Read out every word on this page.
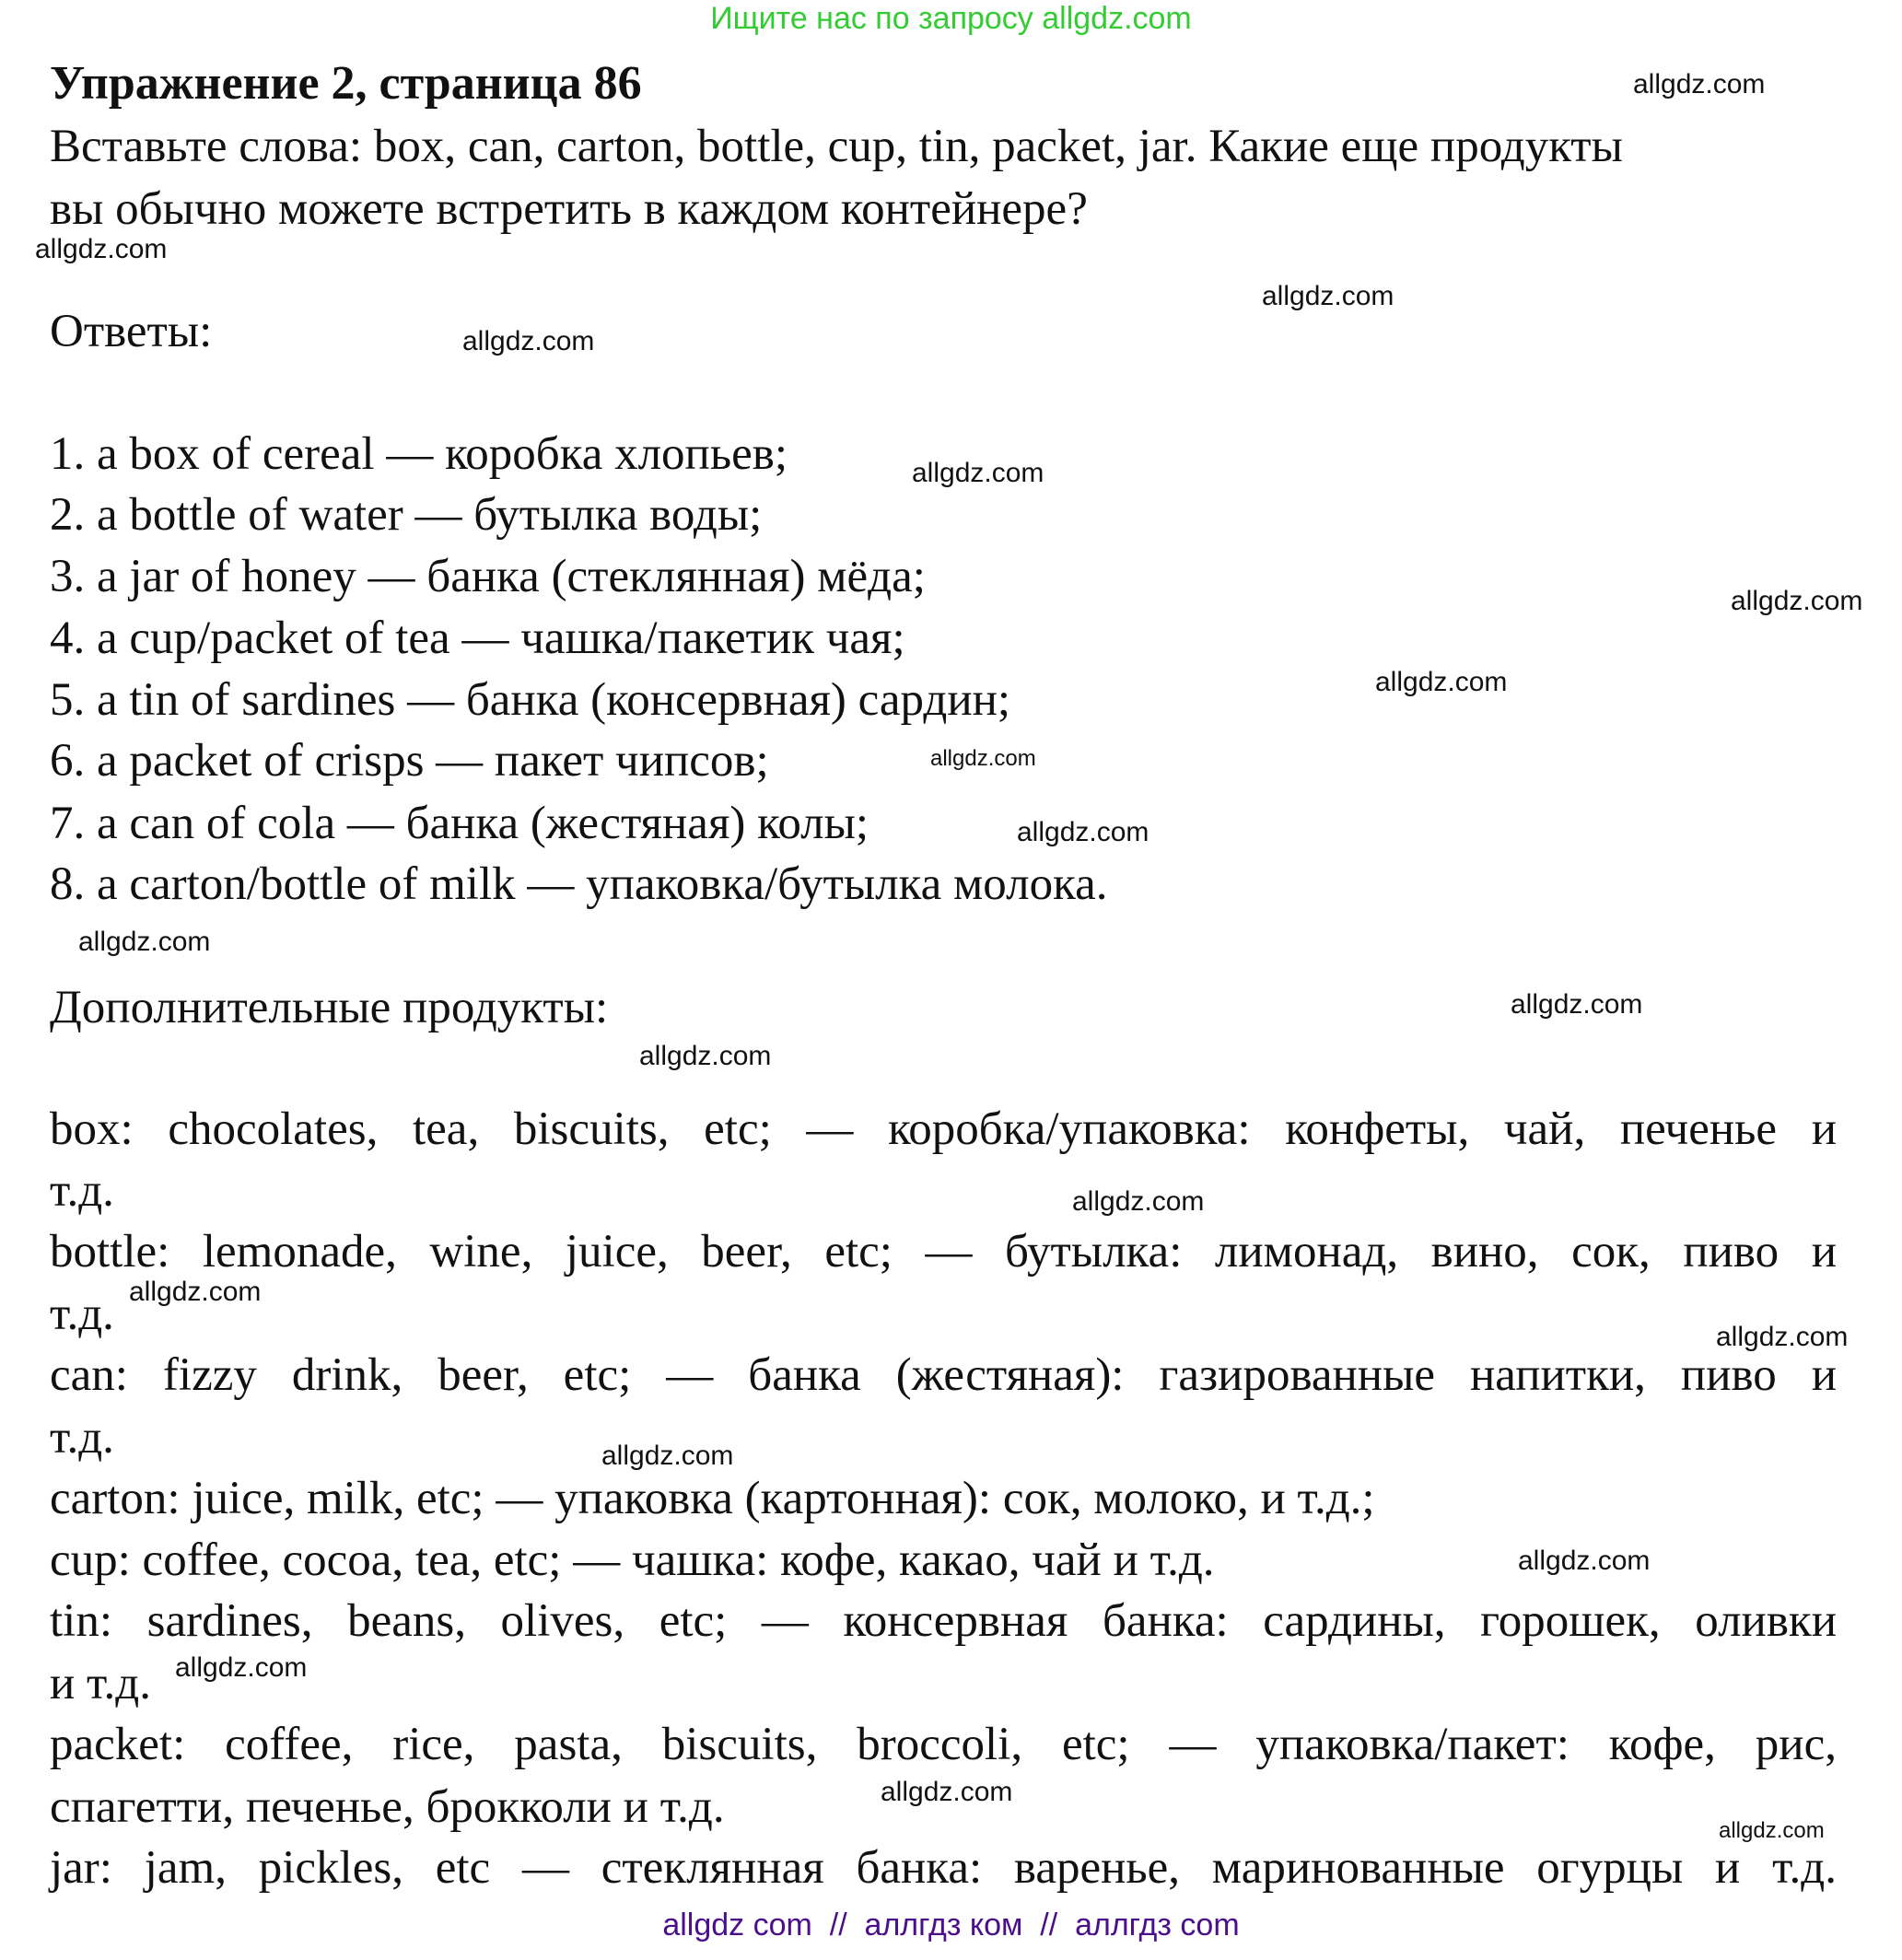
Ищите нас по запросу allgdz.com
Упражнение 2, страница 86
Вставьте слова: box, can, carton, bottle, cup, tin, packet, jar. Какие еще продукты
вы обычно можете встретить в каждом контейнере?
Ответы:
1. a box of cereal — коробка хлопьев;
2. a bottle of water — бутылка воды;
3. a jar of honey — банка (стеклянная) мёда;
4. a cup/packet of tea — чашка/пакетик чая;
5. a tin of sardines — банка (консервная) сардин;
6. a packet of crisps — пакет чипсов;
7. a can of cola — банка (жестяная) колы;
8. a carton/bottle of milk — упаковка/бутылка молока.
Дополнительные продукты:
box: chocolates, tea, biscuits, etc; — коробка/упаковка: конфеты, чай, печенье и
т.д.
bottle: lemonade, wine, juice, beer, etc; — бутылка: лимонад, вино, сок, пиво и
т.д.
can: fizzy drink, beer, etc; — банка (жестяная): газированные напитки, пиво и
т.д.
carton: juice, milk, etc; — упаковка (картонная): сок, молоко, и т.д.;
cup: coffee, cocoa, tea, etc; — чашка: кофе, какао, чай и т.д.
tin: sardines, beans, olives, etc; — консервная банка: сардины, горошек, оливки
и т.д.
packet: coffee, rice, pasta, biscuits, broccoli, etc; — упаковка/пакет: кофе, рис,
спагетти, печенье, брокколи и т.д.
jar: jam, pickles, etc — стеклянная банка: варенье, маринованные огурцы и т.д.
allgdz.com
allgdz.com
allgdz.com
allgdz.com
allgdz.com
allgdz.com
allgdz.com
allgdz.com
allgdz.com
allgdz.com
allgdz.com
allgdz.com
allgdz.com
allgdz.com
allgdz.com
allgdz.com
allgdz.com
allgdz.com
allgdz.com
allgdz.com
allgdz com  //  аллгдз ком  //  аллгдз com
